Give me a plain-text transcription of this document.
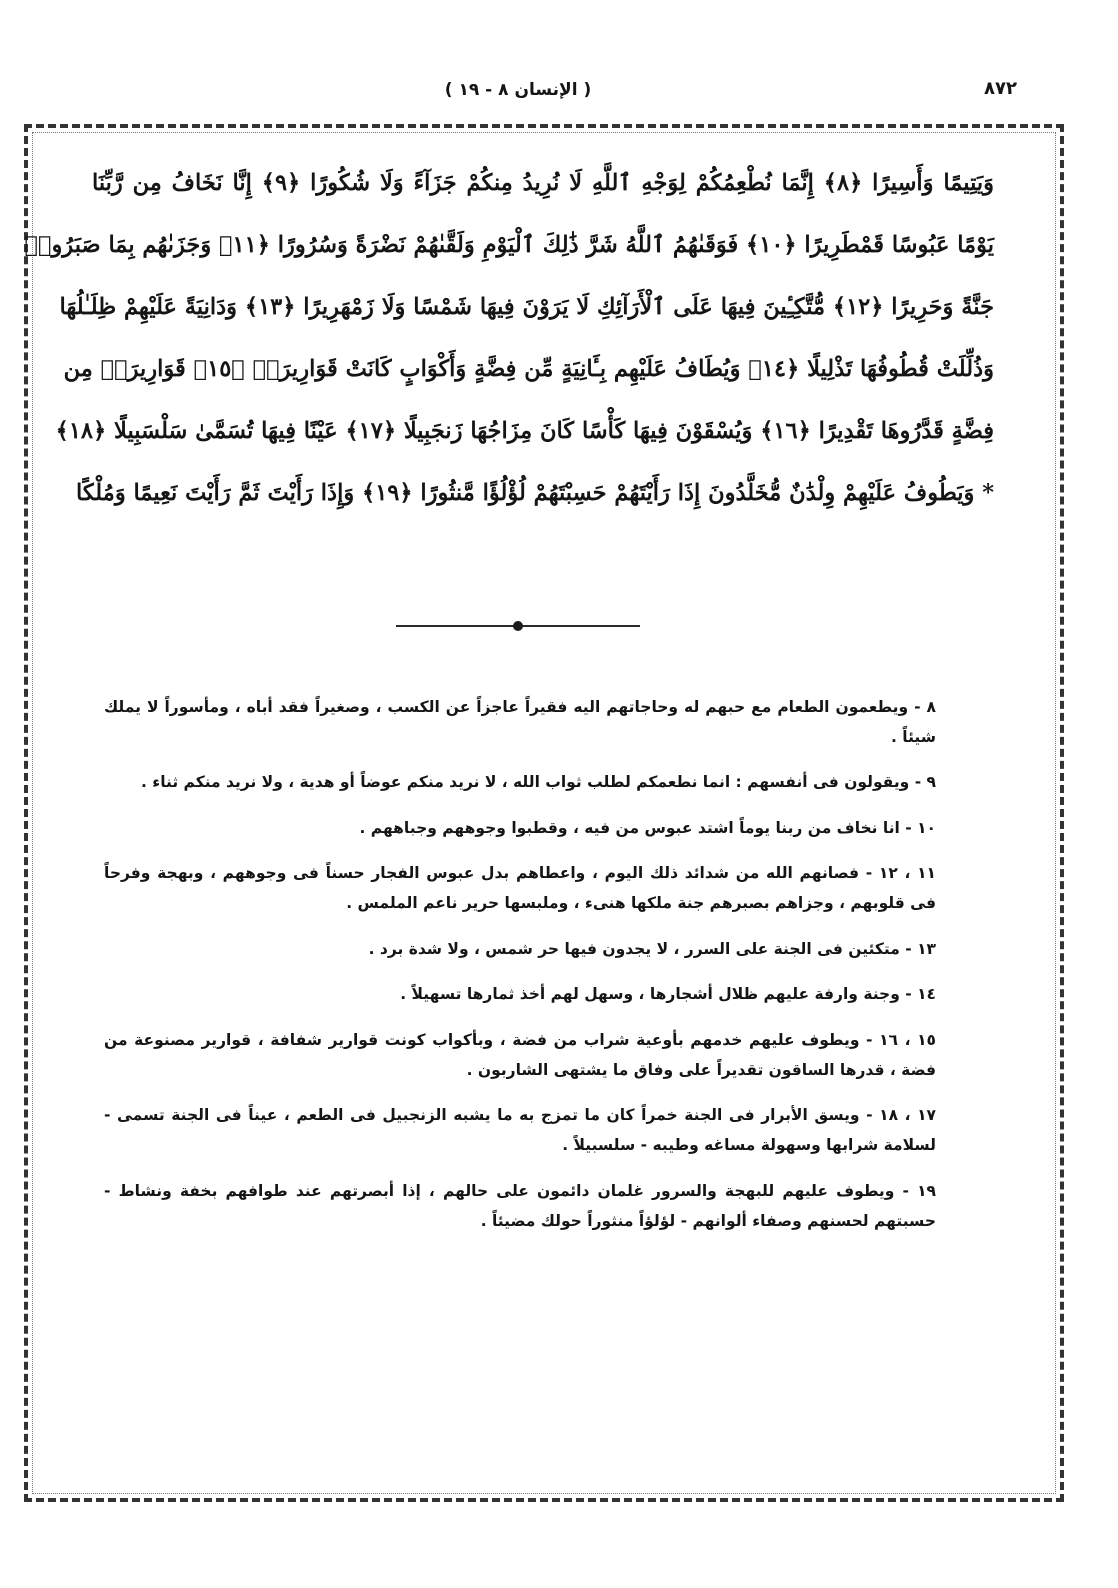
٨٧٢
( الإنسان ٨ - ١٩ )
وَيَتِيمًا وَأَسِيرًا ﴿٨﴾ إِنَّمَا نُطْعِمُكُمْ لِوَجْهِ ٱللَّهِ لَا نُرِيدُ مِنكُمْ جَزَآءً وَلَا شُكُورًا ﴿٩﴾ إِنَّا نَخَافُ مِن رَّبِّنَا
يَوْمًا عَبُوسًا قَمْطَرِيرًا ﴿١٠﴾ فَوَقَىٰهُمُ ٱللَّهُ شَرَّ ذَٰلِكَ ٱلْيَوْمِ وَلَقَّىٰهُمْ نَضْرَةً وَسُرُورًا ﴿١١﴾ وَجَزَىٰهُم بِمَا صَبَرُوا۟
جَنَّةً وَحَرِيرًا ﴿١٢﴾ مُّتَّكِـِٔينَ فِيهَا عَلَى ٱلْأَرَآئِكِ لَا يَرَوْنَ فِيهَا شَمْسًا وَلَا زَمْهَرِيرًا ﴿١٣﴾ وَدَانِيَةً عَلَيْهِمْ ظِلَـٰلُهَا
وَذُلِّلَتْ قُطُوفُهَا تَذْلِيلًا ﴿١٤﴾ وَيُطَافُ عَلَيْهِم بِـَٔانِيَةٍ مِّن فِضَّةٍ وَأَكْوَابٍ كَانَتْ قَوَارِيرَا۠ ﴿١٥﴾ قَوَارِيرَا۟ مِن
فِضَّةٍ قَدَّرُوهَا تَقْدِيرًا ﴿١٦﴾ وَيُسْقَوْنَ فِيهَا كَأْسًا كَانَ مِزَاجُهَا زَنجَبِيلًا ﴿١٧﴾ عَيْنًا فِيهَا تُسَمَّىٰ سَلْسَبِيلًا ﴿١٨﴾
* وَيَطُوفُ عَلَيْهِمْ وِلْدَٰنٌ مُّخَلَّدُونَ إِذَا رَأَيْتَهُمْ حَسِبْتَهُمْ لُؤْلُؤًا مَّنثُورًا ﴿١٩﴾ وَإِذَا رَأَيْتَ ثَمَّ رَأَيْتَ نَعِيمًا وَمُلْكًا

٨ - ويطعمون الطعام مع حبهم له وحاجاتهم اليه فقيراً عاجزاً عن الكسب ، وصغيراً فقد أباه ، ومأسوراً لا يملك شيئاً .

٩ - ويقولون فى أنفسهم : انما نطعمكم لطلب ثواب الله ، لا نريد منكم عوضاً أو هدية ، ولا نريد منكم ثناء .

١٠ - انا نخاف من ربنا يوماً اشتد عبوس من فيه ، وقطبوا وجوههم وجباههم .

١١ ، ١٢ - فصانهم الله من شدائد ذلك اليوم ، واعطاهم بدل عبوس الفجار حسناً فى وجوههم ، وبهجة وفرحاً فى قلوبهم ، وجزاهم بصبرهم جنة ملكها هنىء ، وملبسها حرير ناعم الملمس .

١٣ - متكئين فى الجنة على السرر ، لا يجدون فيها حر شمس ، ولا شدة برد .

١٤ - وجنة وارفة عليهم ظلال أشجارها ، وسهل لهم أخذ ثمارها تسهيلاً .

١٥ ، ١٦ - ويطوف عليهم خدمهم بأوعية شراب من فضة ، وبأكواب كونت قوارير شفافة ، قوارير مصنوعة من فضة ، قدرها الساقون تقديراً على وفاق ما يشتهى الشاربون .

١٧ ، ١٨ - ويسق الأبرار فى الجنة خمراً كان ما تمزج به ما يشبه الزنجبيل فى الطعم ، عيناً فى الجنة تسمى - لسلامة شرابها وسهولة مساغه وطيبه - سلسبيلاً .

١٩ - ويطوف عليهم للبهجة والسرور غلمان دائمون على حالهم ، إذا أبصرتهم عند طوافهم بخفة ونشاط - حسبتهم لحسنهم وصفاء ألوانهم - لؤلؤاً منثوراً حولك مضيئاً .
